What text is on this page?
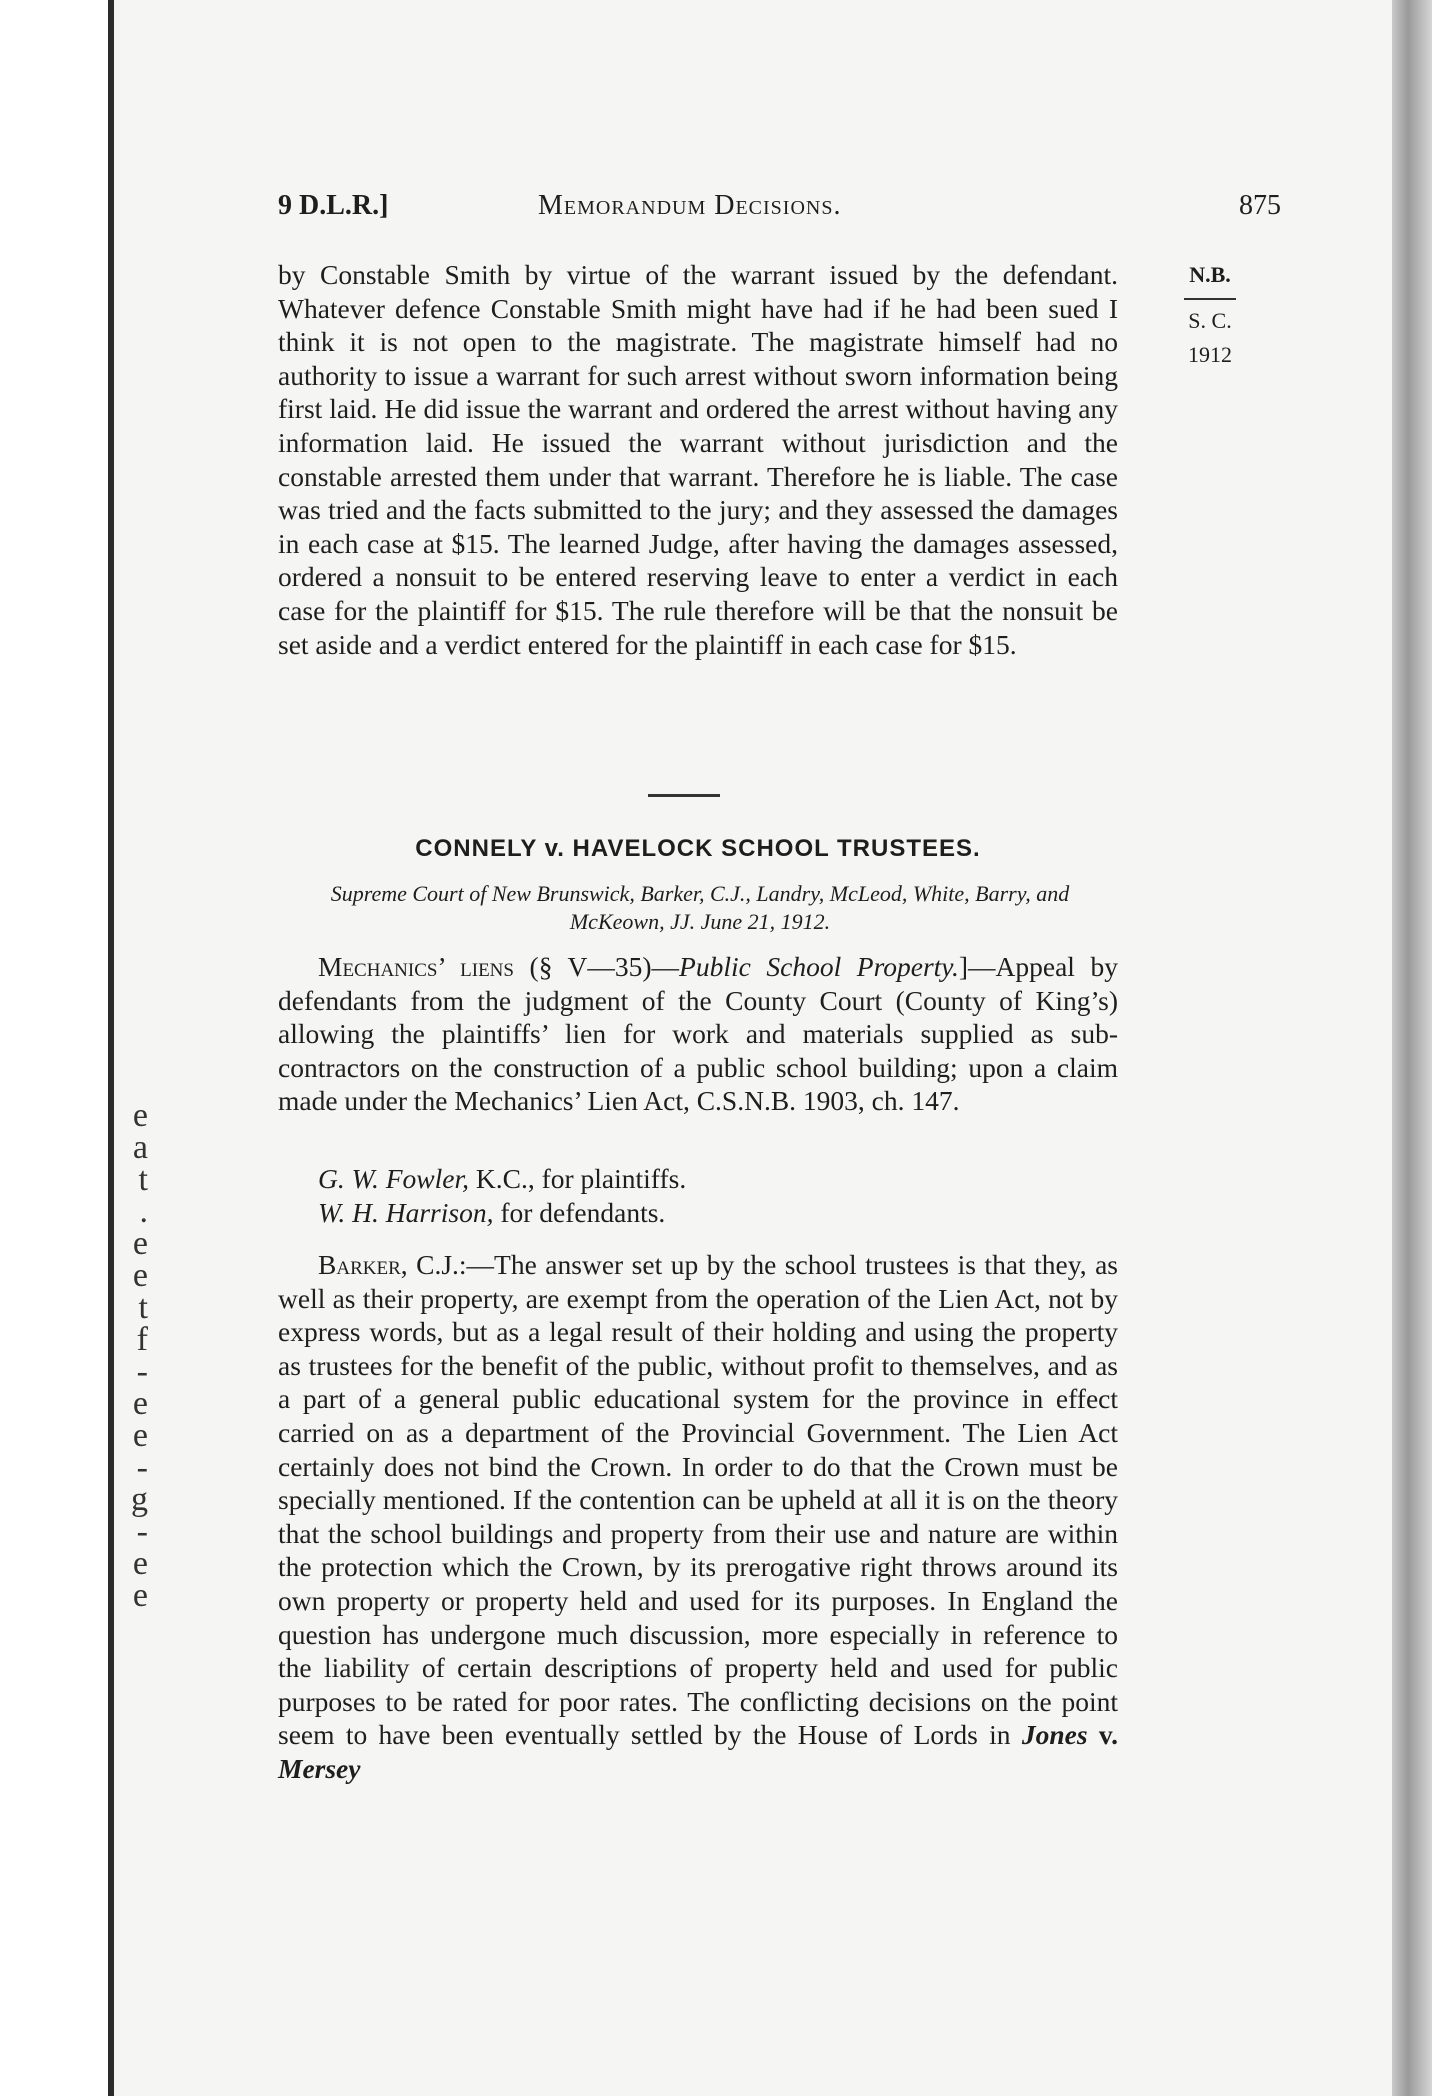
e
a
t
.
e
e
t
f
-
e
e
-
g
-
e
e
9 D.L.R.]	Memorandum Decisions.	875
N.B.
S. C.
1912

by Constable Smith by virtue of the warrant issued by the defendant. Whatever defence Constable Smith might have had if he had been sued I think it is not open to the magistrate. The magistrate himself had no authority to issue a warrant for such arrest without sworn information being first laid. He did issue the warrant and ordered the arrest without having any information laid. He issued the warrant without jurisdiction and the constable arrested them under that warrant. Therefore he is liable. The case was tried and the facts submitted to the jury; and they assessed the damages in each case at $15. The learned Judge, after having the damages assessed, ordered a nonsuit to be entered reserving leave to enter a verdict in each case for the plaintiff for $15. The rule therefore will be that the nonsuit be set aside and a verdict entered for the plaintiff in each case for $15.

CONNELY v. HAVELOCK SCHOOL TRUSTEES.
Supreme Court of New Brunswick, Barker, C.J., Landry, McLeod, White, Barry, and McKeown, JJ. June 21, 1912.

Mechanics’ liens (§ V—35)—Public School Property.]—Appeal by defendants from the judgment of the County Court (County of King’s) allowing the plaintiffs’ lien for work and materials supplied as sub-contractors on the construction of a public school building; upon a claim made under the Mechanics’ Lien Act, C.S.N.B. 1903, ch. 147.

G. W. Fowler, K.C., for plaintiffs.
W. H. Harrison, for defendants.

Barker, C.J.:—The answer set up by the school trustees is that they, as well as their property, are exempt from the operation of the Lien Act, not by express words, but as a legal result of their holding and using the property as trustees for the benefit of the public, without profit to themselves, and as a part of a general public educational system for the province in effect carried on as a department of the Provincial Government. The Lien Act certainly does not bind the Crown. In order to do that the Crown must be specially mentioned. If the contention can be upheld at all it is on the theory that the school buildings and property from their use and nature are within the protection which the Crown, by its prerogative right throws around its own property or property held and used for its purposes. In England the question has undergone much discussion, more especially in reference to the liability of certain descriptions of property held and used for public purposes to be rated for poor rates. The conflicting decisions on the point seem to have been eventually settled by the House of Lords in Jones v. Mersey
